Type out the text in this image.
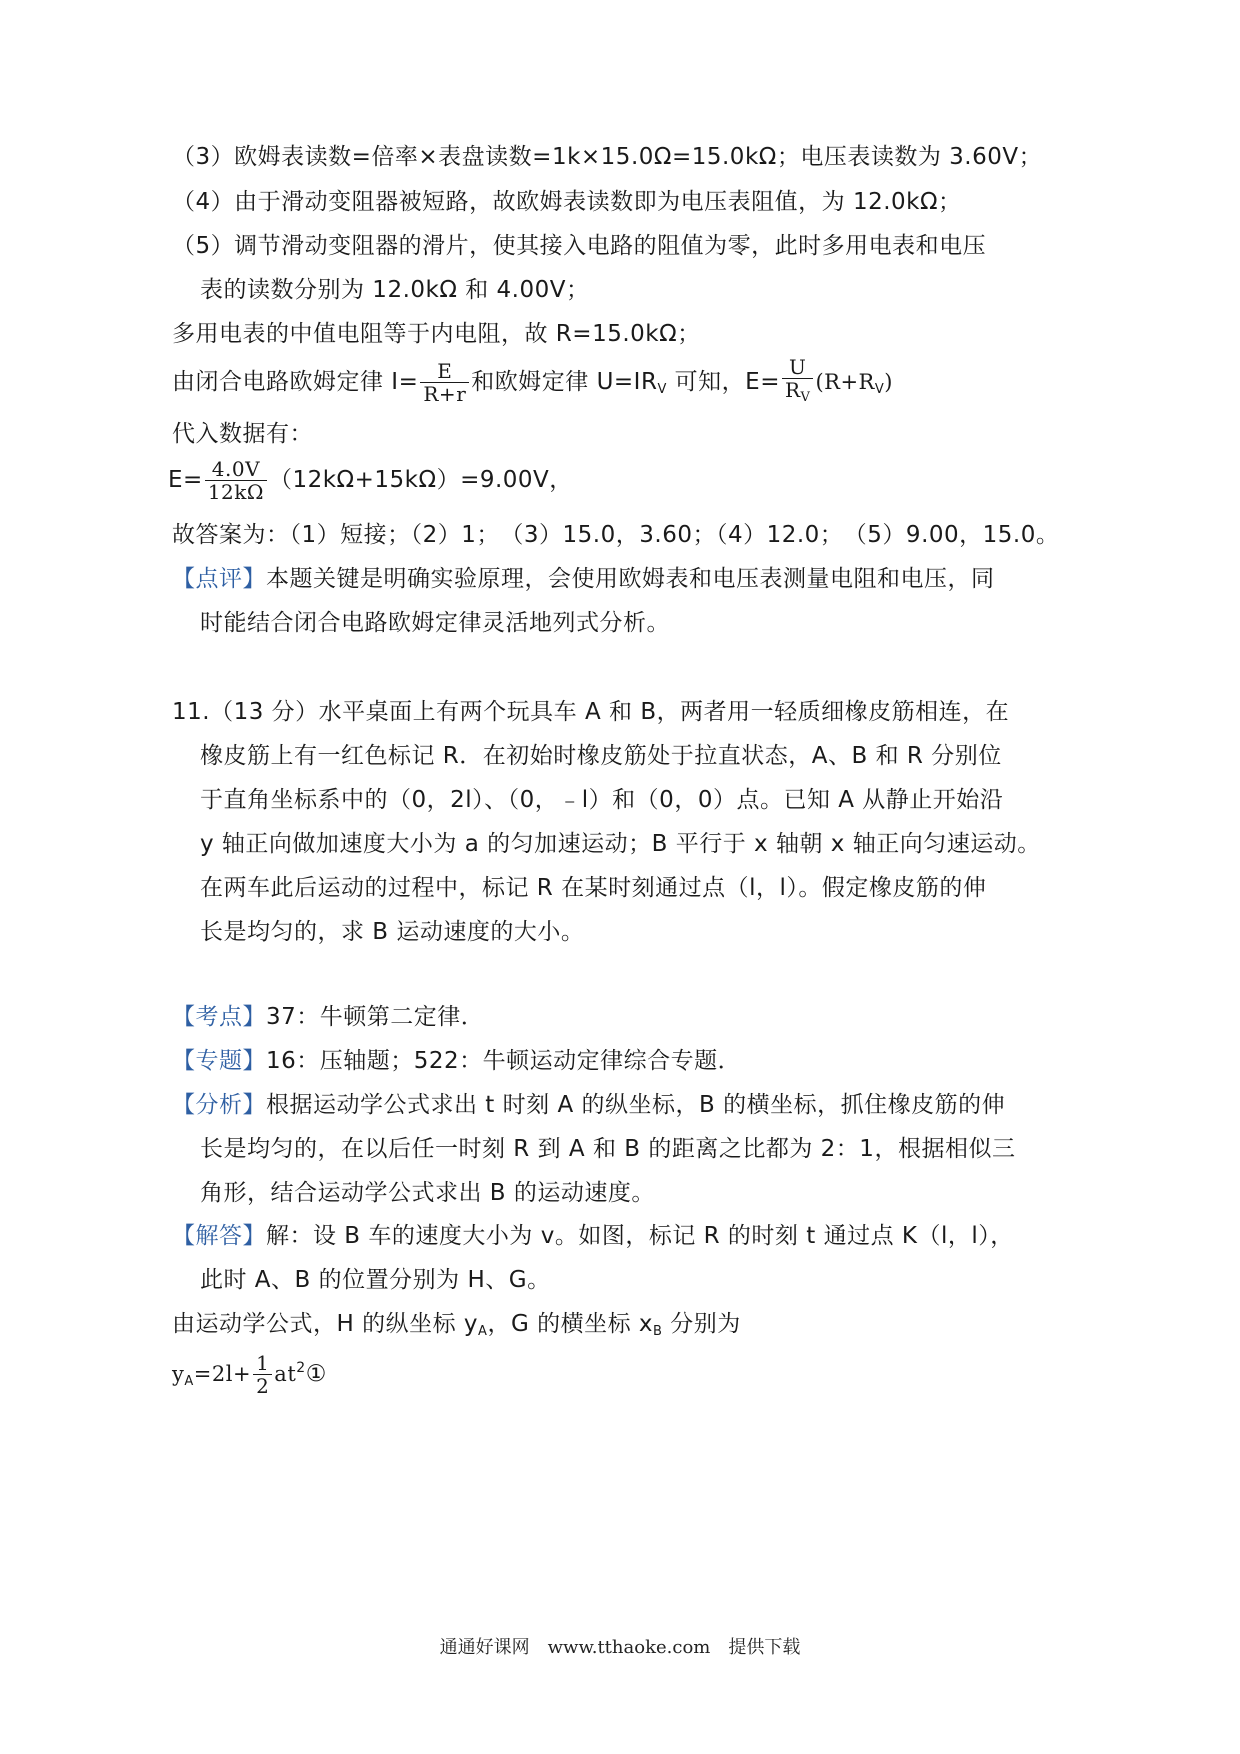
（3）欧姆表读数=倍率×表盘读数=1k×15.0Ω=15.0kΩ；电压表读数为 3.60V；
（4）由于滑动变阻器被短路，故欧姆表读数即为电压表阻值，为 12.0kΩ；
（5）调节滑动变阻器的滑片，使其接入电路的阻值为零，此时多用电表和电压
表的读数分别为 12.0kΩ 和 4.00V；
多用电表的中值电阻等于内电阻，故 R=15.0kΩ；
由闭合电路欧姆定律 $I= \frac{E}{R+r}$ 和欧姆定律 $U=IR_V$ 可知，$E= \frac{U}{R_V} (R+R_V)$
代入数据有：
$E= \frac{4.0V}{12k\Omega} (12k\Omega+15k\Omega)=9.00V$，
故答案为：（1）短接；（2）1；　（3）15.0，3.60；（4）12.0；　（5）9.00，15.0。
【点评】本题关键是明确实验原理，会使用欧姆表和电压表测量电阻和电压，同
时能结合闭合电路欧姆定律灵活地列式分析。
11.（13 分）水平桌面上有两个玩具车 A 和 B，两者用一轻质细橡皮筋相连，在
橡皮筋上有一红色标记 R．在初始时橡皮筋处于拉直状态，A、B 和 R 分别位
于直角坐标系中的（0，2l）、（0，﹣l）和（0，0）点。已知 A 从静止开始沿
y 轴正向做加速度大小为 a 的匀加速运动；B 平行于 x 轴朝 x 轴正向匀速运动。
在两车此后运动的过程中，标记 R 在某时刻通过点（l，l）。假定橡皮筋的伸
长是均匀的，求 B 运动速度的大小。
【考点】37：牛顿第二定律．
【专题】16：压轴题；522：牛顿运动定律综合专题．
【分析】根据运动学公式求出 t 时刻 A 的纵坐标，B 的横坐标，抓住橡皮筋的伸
长是均匀的，在以后任一时刻 R 到 A 和 B 的距离之比都为 2：1，根据相似三
角形，结合运动学公式求出 B 的运动速度。
【解答】解：设 B 车的速度大小为 v。如图，标记 R 的时刻 t 通过点 K（l，l），
此时 A、B 的位置分别为 H、G。
由运动学公式，H 的纵坐标 $y_A$，G 的横坐标 $x_B$ 分别为
$y_A=2l+ \frac{1}{2}$ $at^2①$
通通好课网　www.tthaoke.com　提供下载
